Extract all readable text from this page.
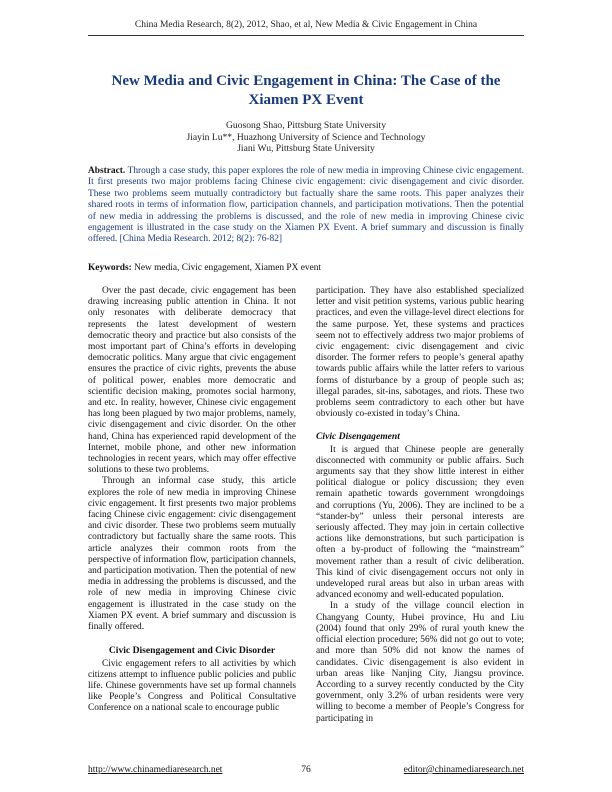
China Media Research, 8(2), 2012, Shao, et al, New Media & Civic Engagement in China
New Media and Civic Engagement in China: The Case of the
Xiamen PX Event
Guosong Shao, Pittsburg State University
Jiayin Lu**, Huazhong University of Science and Technology
Jiani Wu, Pittsburg State University

Abstract. Through a case study, this paper explores the role of new media in improving Chinese civic engagement. It first presents two major problems facing Chinese civic engagement: civic disengagement and civic disorder. These two problems seem mutually contradictory but factually share the same roots. This paper analyzes their shared roots in terms of information flow, participation channels, and participation motivations. Then the potential of new media in addressing the problems is discussed, and the role of new media in improving Chinese civic engagement is illustrated in the case study on the Xiamen PX Event. A brief summary and discussion is finally offered. [China Media Research. 2012; 8(2): 76-82]

Keywords: New media, Civic engagement, Xiamen PX event

Over the past decade, civic engagement has been drawing increasing public attention in China. It not only resonates with deliberate democracy that represents the latest development of western democratic theory and practice but also consists of the most important part of China’s efforts in developing democratic politics. Many argue that civic engagement ensures the practice of civic rights, prevents the abuse of political power, enables more democratic and scientific decision making, promotes social harmony, and etc. In reality, however, Chinese civic engagement has long been plagued by two major problems, namely, civic disengagement and civic disorder. On the other hand, China has experienced rapid development of the Internet, mobile phone, and other new information technologies in recent years, which may offer effective solutions to these two problems.

Through an informal case study, this article explores the role of new media in improving Chinese civic engagement. It first presents two major problems facing Chinese civic engagement: civic disengagement and civic disorder. These two problems seem mutually contradictory but factually share the same roots. This article analyzes their common roots from the perspective of information flow, participation channels, and participation motivation. Then the potential of new media in addressing the problems is discussed, and the role of new media in improving Chinese civic engagement is illustrated in the case study on the Xiamen PX event. A brief summary and discussion is finally offered.

Civic Disengagement and Civic Disorder

Civic engagement refers to all activities by which citizens attempt to influence public policies and public life. Chinese governments have set up formal channels like People’s Congress and Political Consultative Conference on a national scale to encourage public

participation. They have also established specialized letter and visit petition systems, various public hearing practices, and even the village-level direct elections for the same purpose. Yet, these systems and practices seem not to effectively address two major problems of civic engagement: civic disengagement and civic disorder. The former refers to people’s general apathy towards public affairs while the latter refers to various forms of disturbance by a group of people such as; illegal parades, sit-ins, sabotages, and riots. These two problems seem contradictory to each other but have obviously co-existed in today’s China.

Civic Disengagement

It is argued that Chinese people are generally disconnected with community or public affairs. Such arguments say that they show little interest in either political dialogue or policy discussion; they even remain apathetic towards government wrongdoings and corruptions (Yu, 2006). They are inclined to be a “stander-by” unless their personal interests are seriously affected. They may join in certain collective actions like demonstrations, but such participation is often a by-product of following the “mainstream” movement rather than a result of civic deliberation. This kind of civic disengagement occurs not only in undeveloped rural areas but also in urban areas with advanced economy and well-educated population.

In a study of the village council election in Changyang County, Hubei province, Hu and Liu (2004) found that only 29% of rural youth knew the official election procedure; 56% did not go out to vote; and more than 50% did not know the names of candidates. Civic disengagement is also evident in urban areas like Nanjing City, Jiangsu province. According to a survey recently conducted by the City government, only 3.2% of urban residents were very willing to become a member of People’s Congress for participating in

76
http://www.chinamediaresearch.net	editor@chinamediaresearch.net
